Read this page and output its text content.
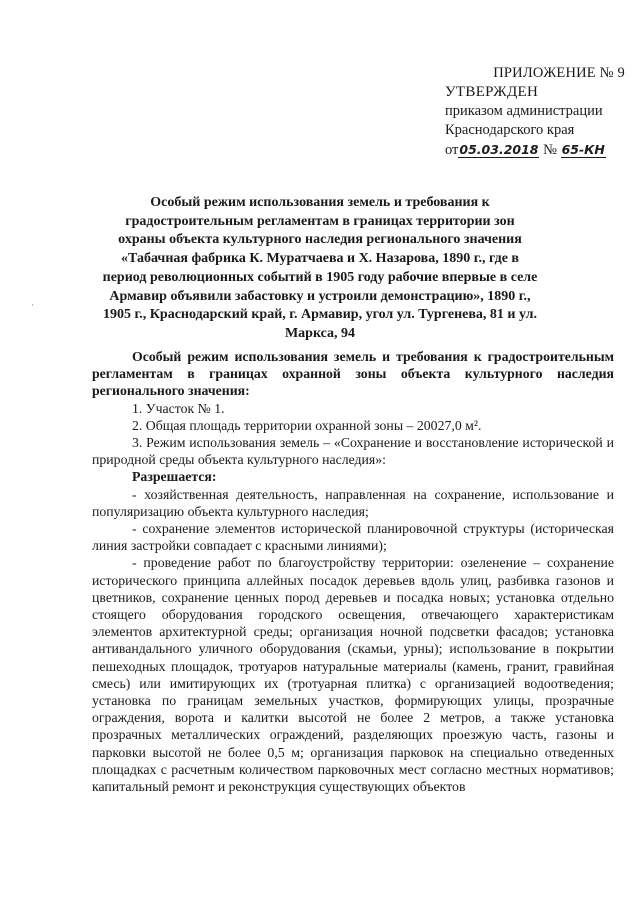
·
ПРИЛОЖЕНИЕ № 9
УТВЕРЖДЕН
приказом администрации
Краснодарского края
от05.03.2018 № 65-КН
Особый режим использования земель и требования к градостроительным регламентам в границах территории зон охраны объекта культурного наследия регионального значения «Табачная фабрика К. Муратчаева и Х. Назарова, 1890 г., где в период революционных событий в 1905 году рабочие впервые в селе Армавир объявили забастовку и устроили демонстрацию», 1890 г., 1905 г., Краснодарский край, г. Армавир, угол ул. Тургенева, 81 и ул. Маркса, 94

Особый режим использования земель и требования к градостроительным регламентам в границах охранной зоны объекта культурного наследия регионального значения:

1. Участок № 1.

2. Общая площадь территории охранной зоны – 20027,0 м².

3. Режим использования земель – «Сохранение и восстановление исторической и природной среды объекта культурного наследия»:

Разрешается:

- хозяйственная деятельность, направленная на сохранение, использование и популяризацию объекта культурного наследия;

- сохранение элементов исторической планировочной структуры (историческая линия застройки совпадает с красными линиями);

- проведение работ по благоустройству территории: озеленение – сохранение исторического принципа аллейных посадок деревьев вдоль улиц, разбивка газонов и цветников, сохранение ценных пород деревьев и посадка новых; установка отдельно стоящего оборудования городского освещения, отвечающего характеристикам элементов архитектурной среды; организация ночной подсветки фасадов; установка антивандального уличного оборудования (скамьи, урны); использование в покрытии пешеходных площадок, тротуаров натуральные материалы (камень, гранит, гравийная смесь) или имитирующих их (тротуарная плитка) с организацией водоотведения; установка по границам земельных участков, формирующих улицы, прозрачные ограждения, ворота и калитки высотой не более 2 метров, а также установка прозрачных металлических ограждений, разделяющих проезжую часть, газоны и парковки высотой не более 0,5 м; организация парковок на специально отведенных площадках с расчетным количеством парковочных мест согласно местных нормативов; капитальный ремонт и реконструкция существующих объектов
